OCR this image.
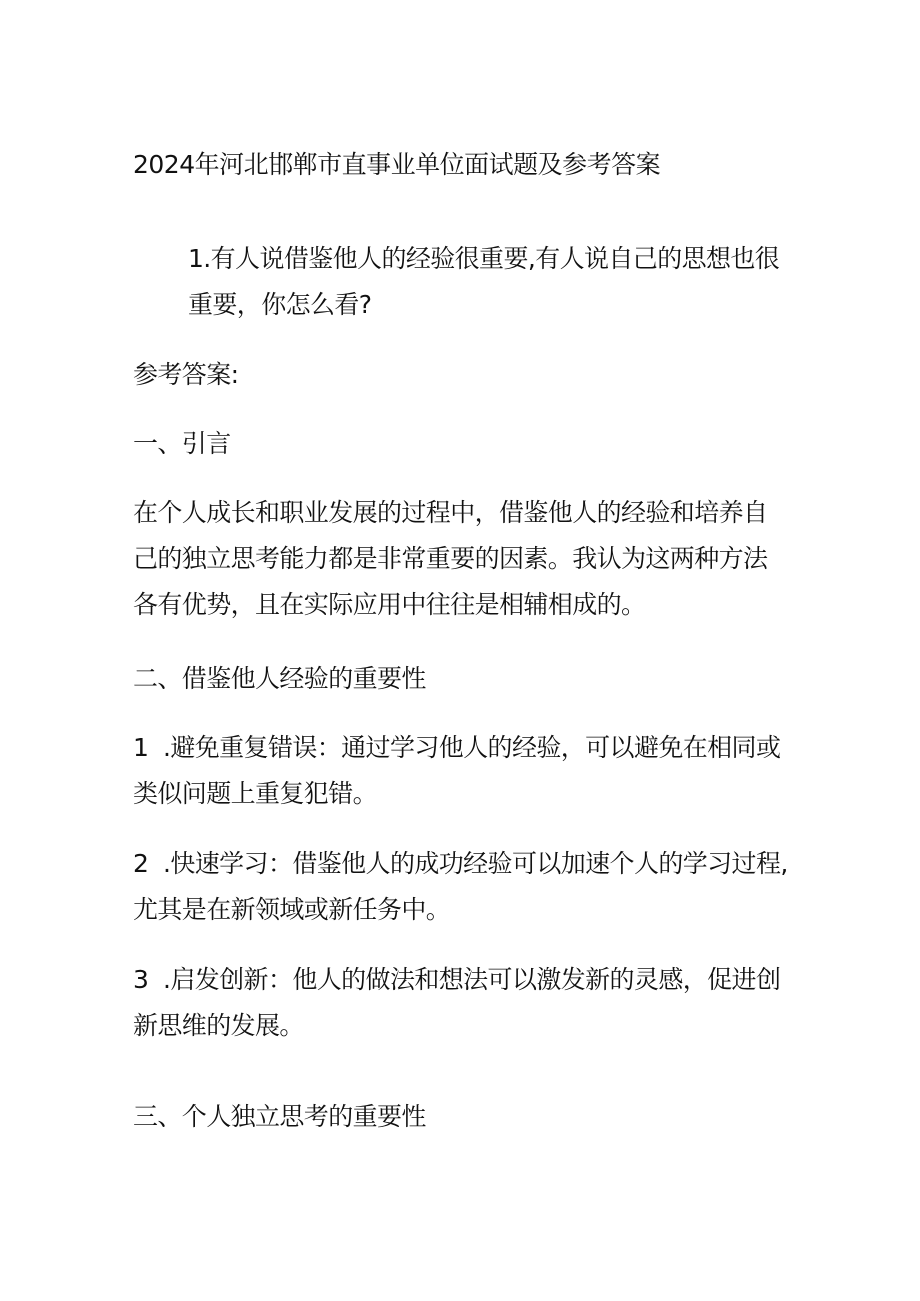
2024年河北邯郸市直事业单位面试题及参考答案
1.有人说借鉴他人的经验很重要,有人说自己的思想也很
重要，你怎么看?
参考答案:
一、引言
在个人成长和职业发展的过程中，借鉴他人的经验和培养自
己的独立思考能力都是非常重要的因素。我认为这两种方法
各有优势，且在实际应用中往往是相辅相成的。
二、借鉴他人经验的重要性
1 .避免重复错误：通过学习他人的经验，可以避免在相同或
类似问题上重复犯错。
2 .快速学习：借鉴他人的成功经验可以加速个人的学习过程,
尤其是在新领域或新任务中。
3 .启发创新：他人的做法和想法可以激发新的灵感，促进创
新思维的发展。
三、个人独立思考的重要性
